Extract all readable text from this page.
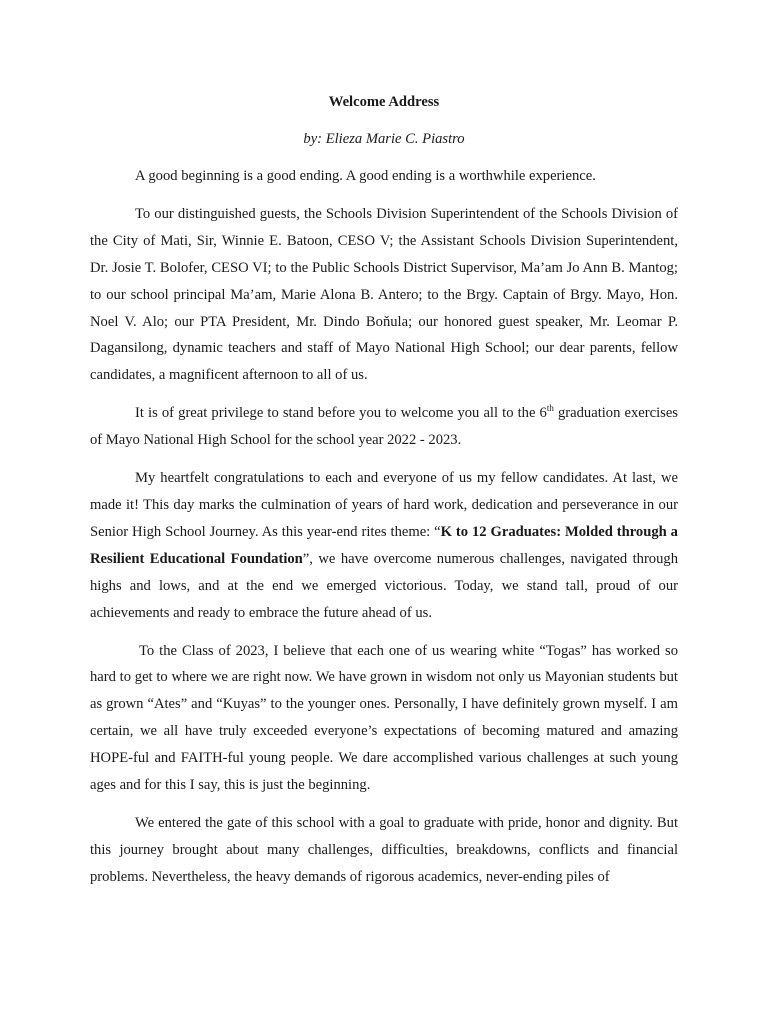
Welcome Address

by: Elieza Marie C. Piastro

A good beginning is a good ending. A good ending is a worthwhile experience.

To our distinguished guests, the Schools Division Superintendent of the Schools Division of the City of Mati, Sir, Winnie E. Batoon, CESO V; the Assistant Schools Division Superintendent, Dr. Josie T. Bolofer, CESO VI; to the Public Schools District Supervisor, Ma’am Jo Ann B. Mantog; to our school principal Ma’am, Marie Alona B. Antero; to the Brgy. Captain of Brgy. Mayo, Hon. Noel V. Alo; our PTA President, Mr. Dindo Boňula; our honored guest speaker, Mr. Leomar P. Dagansilong, dynamic teachers and staff of Mayo National High School; our dear parents, fellow candidates, a magnificent afternoon to all of us.

It is of great privilege to stand before you to welcome you all to the 6th graduation exercises of Mayo National High School for the school year 2022 - 2023.

My heartfelt congratulations to each and everyone of us my fellow candidates. At last, we made it! This day marks the culmination of years of hard work, dedication and perseverance in our Senior High School Journey. As this year-end rites theme: “K to 12 Graduates: Molded through a Resilient Educational Foundation”, we have overcome numerous challenges, navigated through highs and lows, and at the end we emerged victorious. Today, we stand tall, proud of our achievements and ready to embrace the future ahead of us.

To the Class of 2023, I believe that each one of us wearing white “Togas” has worked so hard to get to where we are right now. We have grown in wisdom not only us Mayonian students but as grown “Ates” and “Kuyas” to the younger ones. Personally, I have definitely grown myself. I am certain, we all have truly exceeded everyone’s expectations of becoming matured and amazing HOPE-ful and FAITH-ful young people. We dare accomplished various challenges at such young ages and for this I say, this is just the beginning.

We entered the gate of this school with a goal to graduate with pride, honor and dignity. But this journey brought about many challenges, difficulties, breakdowns, conflicts and financial problems. Nevertheless, the heavy demands of rigorous academics, never-ending piles of
